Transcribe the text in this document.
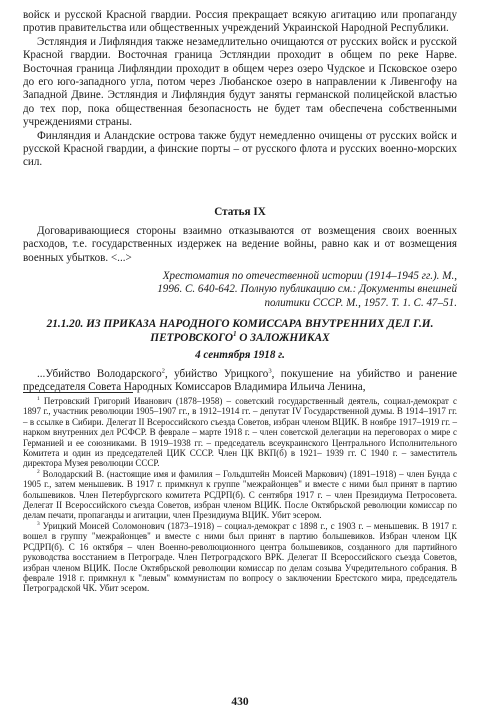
войск и русской Красной гвардии. Россия прекращает всякую агитацию или пропаганду против правительства или общественных учреждений Украинской Народной Республики.

Эстляндия и Лифляндия также незамедлительно очищаются от русских войск и русской Красной гвардии. Восточная граница Эстляндии проходит в общем по реке Нарве. Восточная граница Лифляндии проходит в общем через озеро Чудское и Псковское озеро до его юго-западного угла, потом через Любанское озеро в направлении к Ливенгофу на Западной Двине. Эстляндия и Лифляндия будут заняты германской полицейской властью до тех пор, пока общественная безопасность не будет там обеспечена собственными учреждениями страны.

Финляндия и Аландские острова также будут немедленно очищены от русских войск и русской Красной гвардии, а финские порты – от русского флота и русских военно-морских сил.

Статья IX

Договаривающиеся стороны взаимно отказываются от возмещения своих военных расходов, т.е. государственных издержек на ведение войны, равно как и от возмещения военных убытков. <...>

Хрестоматия по отечественной истории (1914–1945 гг.). М., 1996. С. 640-642. Полную публикацию см.: Документы внешней политики СССР. М., 1957. Т. 1. С. 47–51.

21.1.20. ИЗ ПРИКАЗА НАРОДНОГО КОМИССАРА ВНУТРЕННИХ ДЕЛ Г.И. ПЕТРОВСКОГО$^1$ О ЗАЛОЖНИКАХ

4 сентября 1918 г.

...Убийство Володарского$^2$, убийство Урицкого$^3$, покушение на убийство и ранение председателя Совета Народных Комиссаров Владимира Ильича Ленина,

$^1$ Петровский Григорий Иванович (1878–1958) – советский государственный деятель, социал-демократ с 1897 г., участник революции 1905–1907 гг., в 1912–1914 гг. – депутат IV Государственной думы. В 1914–1917 гг. – в ссылке в Сибири. Делегат II Всероссийского съезда Советов, избран членом ВЦИК. В ноябре 1917–1919 гг. – нарком внутренних дел РСФСР. В феврале – марте 1918 г. – член советской делегации на переговорах о мире с Германией и ее союзниками. В 1919–1938 гг. – председатель всеукраинского Центрального Исполнительного Комитета и один из председателей ЦИК СССР. Член ЦК ВКП(б) в 1921– 1939 гг. С 1940 г. – заместитель директора Музея революции СССР.

$^2$ Володарский В. (настоящие имя и фамилия – Гольдштейн Моисей Маркович) (1891–1918) – член Бунда с 1905 г., затем меньшевик. В 1917 г. примкнул к группе "межрайонцев" и вместе с ними был принят в партию большевиков. Член Петербургского комитета РСДРП(б). С сентября 1917 г. – член Президиума Петросовета. Делегат II Всероссийского съезда Советов, избран членом ВЦИК. После Октябрьской революции комиссар по делам печати, пропаганды и агитации, член Президиума ВЦИК. Убит эсером.

$^3$ Урицкий Моисей Соломонович (1873–1918) – социал-демократ с 1898 г., с 1903 г. – меньшевик. В 1917 г. вошел в группу "межрайонцев" и вместе с ними был принят в партию большевиков. Избран членом ЦК РСДРП(б). С 16 октября – член Военно-революционного центра большевиков, созданного для партийного руководства восстанием в Петрограде. Член Петроградского ВРК. Делегат II Всероссийского съезда Советов, избран членом ВЦИК. После Октябрьской революции комиссар по делам созыва Учредительного собрания. В феврале 1918 г. примкнул к "левым" коммунистам по вопросу о заключении Брестского мира, председатель Петроградской ЧК. Убит эсером.

430
